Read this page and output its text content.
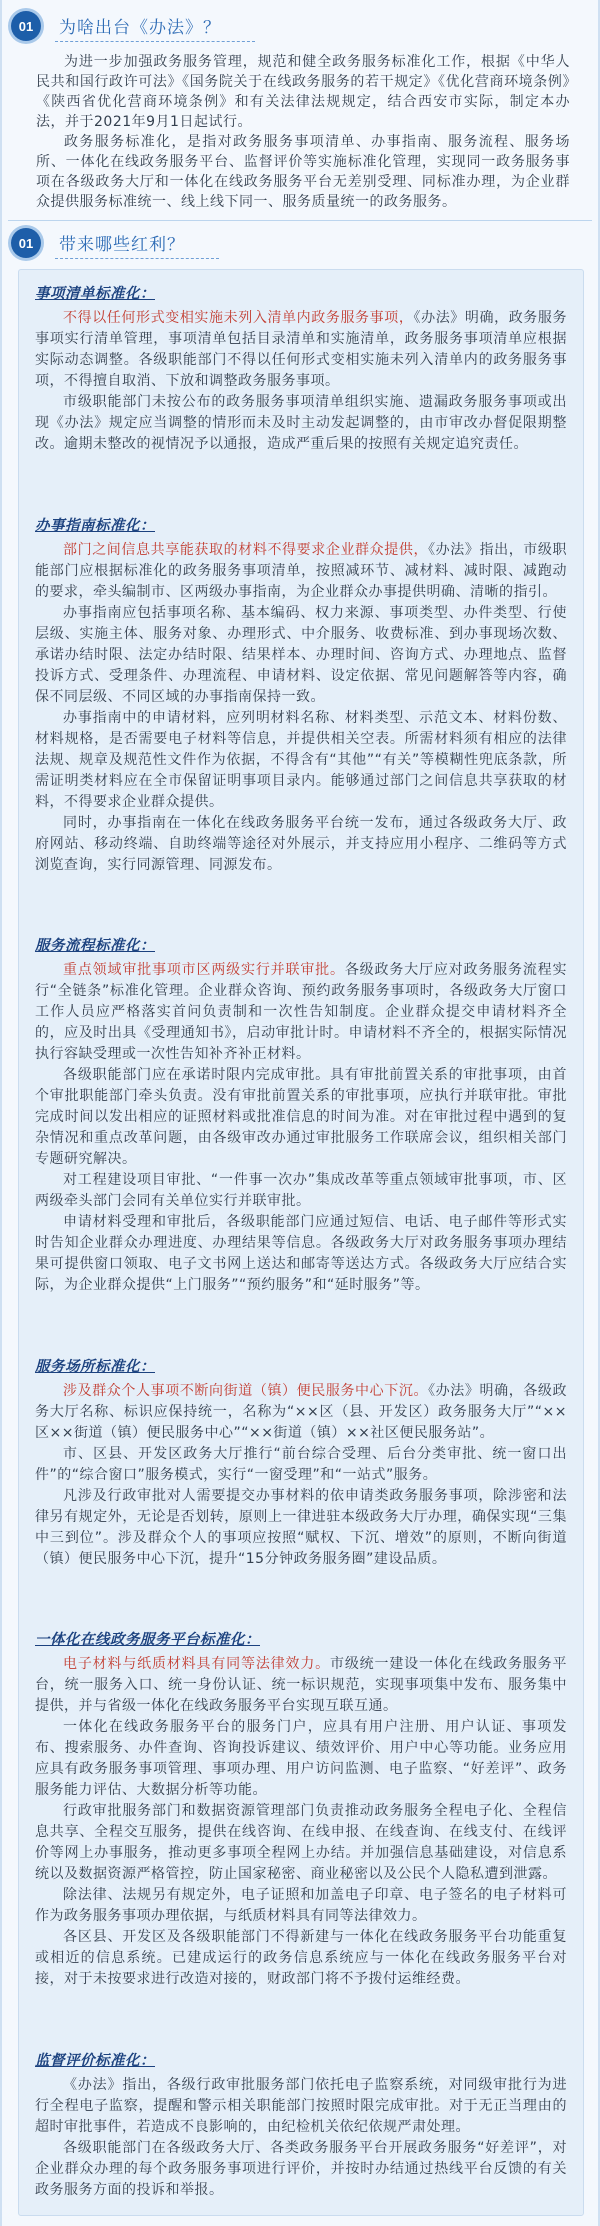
01	为啥出台《办法》？

为进一步加强政务服务管理，规范和健全政务服务标准化工作，根据《中华人民共和国行政许可法》《国务院关于在线政务服务的若干规定》《优化营商环境条例》《陕西省优化营商环境条例》和有关法律法规规定，结合西安市实际，制定本办法，并于2021年9月1日起试行。

政务服务标准化，是指对政务服务事项清单、办事指南、服务流程、服务场所、一体化在线政务服务平台、监督评价等实施标准化管理，实现同一政务服务事项在各级政务大厅和一体化在线政务服务平台无差别受理、同标准办理，为企业群众提供服务标准统一、线上线下同一、服务质量统一的政务服务。

01	带来哪些红利？
事项清单标准化：

不得以任何形式变相实施未列入清单内政务服务事项，《办法》明确，政务服务事项实行清单管理，事项清单包括目录清单和实施清单，政务服务事项清单应根据实际动态调整。各级职能部门不得以任何形式变相实施未列入清单内的政务服务事项，不得擅自取消、下放和调整政务服务事项。

市级职能部门未按公布的政务服务事项清单组织实施、遗漏政务服务事项或出现《办法》规定应当调整的情形而未及时主动发起调整的，由市审改办督促限期整改。逾期未整改的视情况予以通报，造成严重后果的按照有关规定追究责任。

办事指南标准化：

部门之间信息共享能获取的材料不得要求企业群众提供，《办法》指出，市级职能部门应根据标准化的政务服务事项清单，按照减环节、减材料、减时限、减跑动的要求，牵头编制市、区两级办事指南，为企业群众办事提供明确、清晰的指引。

办事指南应包括事项名称、基本编码、权力来源、事项类型、办件类型、行使层级、实施主体、服务对象、办理形式、中介服务、收费标准、到办事现场次数、承诺办结时限、法定办结时限、结果样本、办理时间、咨询方式、办理地点、监督投诉方式、受理条件、办理流程、申请材料、设定依据、常见问题解答等内容，确保不同层级、不同区域的办事指南保持一致。

办事指南中的申请材料，应列明材料名称、材料类型、示范文本、材料份数、材料规格，是否需要电子材料等信息，并提供相关空表。所需材料须有相应的法律法规、规章及规范性文件作为依据，不得含有“其他”“有关”等模糊性兜底条款，所需证明类材料应在全市保留证明事项目录内。能够通过部门之间信息共享获取的材料，不得要求企业群众提供。

同时，办事指南在一体化在线政务服务平台统一发布，通过各级政务大厅、政府网站、移动终端、自助终端等途径对外展示，并支持应用小程序、二维码等方式浏览查询，实行同源管理、同源发布。

服务流程标准化：

重点领域审批事项市区两级实行并联审批。各级政务大厅应对政务服务流程实行“全链条”标准化管理。企业群众咨询、预约政务服务事项时，各级政务大厅窗口工作人员应严格落实首问负责制和一次性告知制度。企业群众提交申请材料齐全的，应及时出具《受理通知书》，启动审批计时。申请材料不齐全的，根据实际情况执行容缺受理或一次性告知补齐补正材料。

各级职能部门应在承诺时限内完成审批。具有审批前置关系的审批事项，由首个审批职能部门牵头负责。没有审批前置关系的审批事项，应执行并联审批。审批完成时间以发出相应的证照材料或批准信息的时间为准。对在审批过程中遇到的复杂情况和重点改革问题，由各级审改办通过审批服务工作联席会议，组织相关部门专题研究解决。

对工程建设项目审批、“一件事一次办”集成改革等重点领域审批事项，市、区两级牵头部门会同有关单位实行并联审批。

申请材料受理和审批后，各级职能部门应通过短信、电话、电子邮件等形式实时告知企业群众办理进度、办理结果等信息。各级政务大厅对政务服务事项办理结果可提供窗口领取、电子文书网上送达和邮寄等送达方式。各级政务大厅应结合实际，为企业群众提供“上门服务”“预约服务”和“延时服务”等。

服务场所标准化：

涉及群众个人事项不断向街道（镇）便民服务中心下沉。《办法》明确，各级政务大厅名称、标识应保持统一，名称为“××区（县、开发区）政务服务大厅”“××区××街道（镇）便民服务中心”“××街道（镇）××社区便民服务站”。

市、区县、开发区政务大厅推行“前台综合受理、后台分类审批、统一窗口出件”的“综合窗口”服务模式，实行“一窗受理”和“一站式”服务。

凡涉及行政审批对人需要提交办事材料的依申请类政务服务事项，除涉密和法律另有规定外，无论是否划转，原则上一律进驻本级政务大厅办理，确保实现“三集中三到位”。涉及群众个人的事项应按照“赋权、下沉、增效”的原则，不断向街道（镇）便民服务中心下沉，提升“15分钟政务服务圈”建设品质。

一体化在线政务服务平台标准化：

电子材料与纸质材料具有同等法律效力。市级统一建设一体化在线政务服务平台，统一服务入口、统一身份认证、统一标识规范，实现事项集中发布、服务集中提供，并与省级一体化在线政务服务平台实现互联互通。

一体化在线政务服务平台的服务门户，应具有用户注册、用户认证、事项发布、搜索服务、办件查询、咨询投诉建议、绩效评价、用户中心等功能。业务应用应具有政务服务事项管理、事项办理、用户访问监测、电子监察、“好差评”、政务服务能力评估、大数据分析等功能。

行政审批服务部门和数据资源管理部门负责推动政务服务全程电子化、全程信息共享、全程交互服务，提供在线咨询、在线申报、在线查询、在线支付、在线评价等网上办事服务，推动更多事项全程网上办结。并加强信息基础建设，对信息系统以及数据资源严格管控，防止国家秘密、商业秘密以及公民个人隐私遭到泄露。

除法律、法规另有规定外，电子证照和加盖电子印章、电子签名的电子材料可作为政务服务事项办理依据，与纸质材料具有同等法律效力。

各区县、开发区及各级职能部门不得新建与一体化在线政务服务平台功能重复或相近的信息系统。已建成运行的政务信息系统应与一体化在线政务服务平台对接，对于未按要求进行改造对接的，财政部门将不予拨付运维经费。

监督评价标准化：

《办法》指出，各级行政审批服务部门依托电子监察系统，对同级审批行为进行全程电子监察，提醒和警示相关职能部门按照时限完成审批。对于无正当理由的超时审批事件，若造成不良影响的，由纪检机关依纪依规严肃处理。

各级职能部门在各级政务大厅、各类政务服务平台开展政务服务“好差评”，对企业群众办理的每个政务服务事项进行评价，并按时办结通过热线平台反馈的有关政务服务方面的投诉和举报。
